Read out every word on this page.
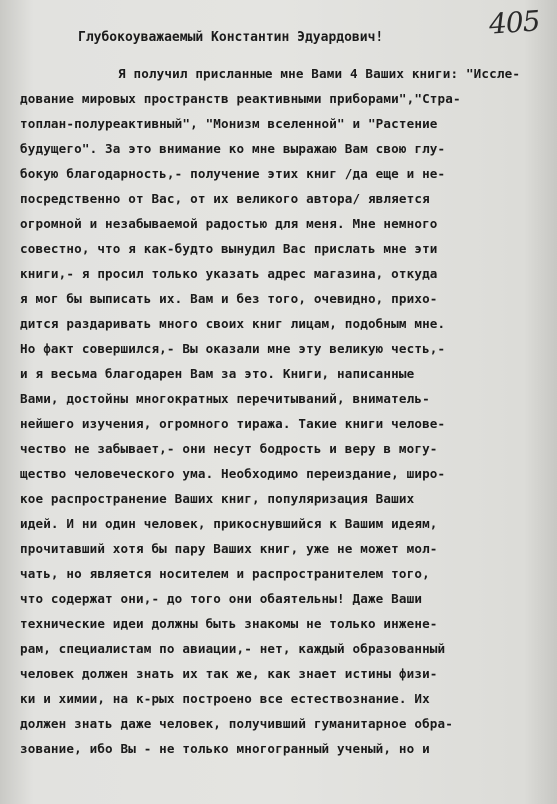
405
Глубокоуважаемый Константин Эдуардович!
Я получил присланные мне Вами 4 Ваших книги: "Иссле-
дование мировых пространств реактивными приборами","Стра-
топлан-полуреактивный", "Монизм вселенной" и "Растение
будущего". За это внимание ко мне выражаю Вам свою глу-
бокую благодарность,- получение этих книг /да еще и не-
посредственно от Вас, от их великого автора/ является
огромной и незабываемой радостью для меня. Мне немного
совестно, что я как-будто вынудил Вас прислать мне эти
книги,- я просил только указать адрес магазина, откуда
я мог бы выписать их. Вам и без того, очевидно, прихо-
дится раздаривать много своих книг лицам, подобным мне.
Но факт совершился,- Вы оказали мне эту великую честь,-
и я весьма благодарен Вам за это. Книги, написанные
Вами, достойны многократных перечитываний, вниматель-
нейшего изучения, огромного тиража. Такие книги челове-
чество не забывает,- они несут бодрость и веру в могу-
щество человеческого ума. Необходимо переиздание, широ-
кое распространение Ваших книг, популяризация Ваших
идей. И ни один человек, прикоснувшийся к Вашим идеям,
прочитавший хотя бы пару Ваших книг, уже не может мол-
чать, но является носителем и распространителем того,
что содержат они,- до того они обаятельны! Даже Ваши
технические идеи должны быть знакомы не только инжене-
рам, специалистам по авиации,- нет, каждый образованный
человек должен знать их так же, как знает истины физи-
ки и химии, на к-рых построено все естествознание. Их
должен знать даже человек, получивший гуманитарное обра-
зование, ибо Вы - не только многогранный ученый, но и
